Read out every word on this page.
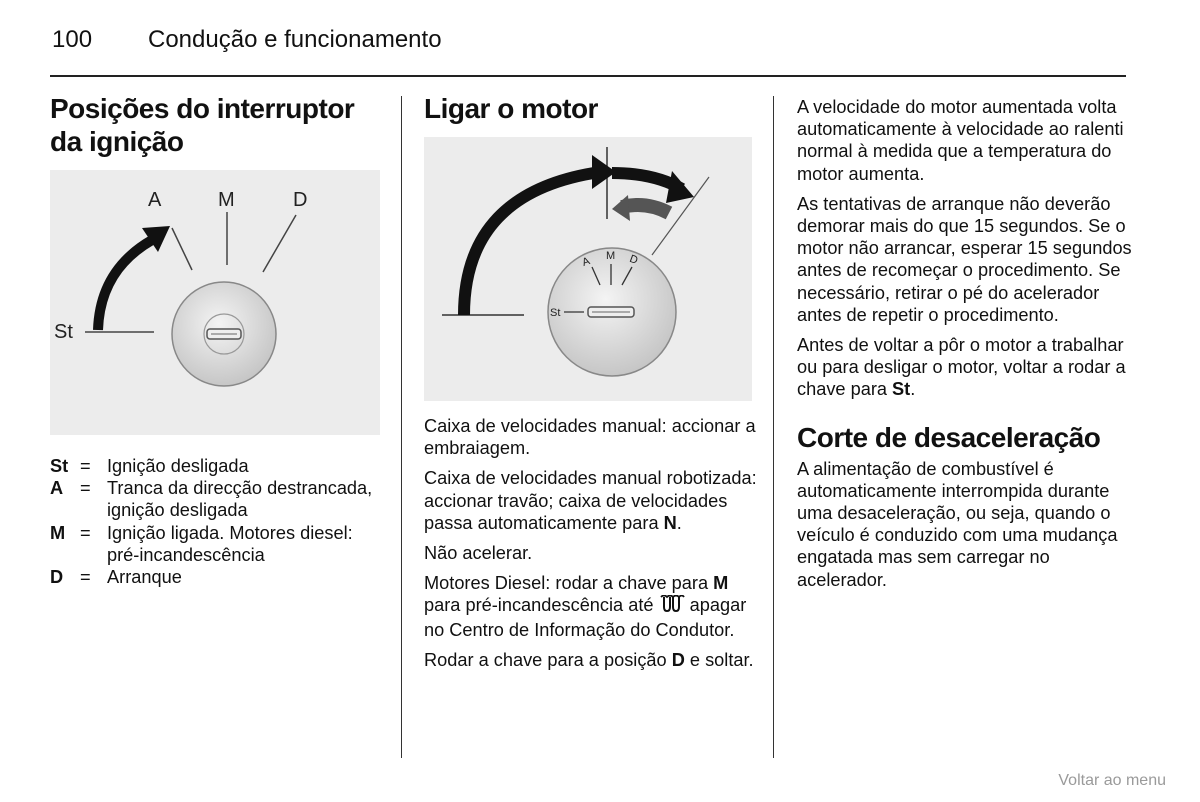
100 Condução e funcionamento
Posições do interruptor da ignição
A	M	D
St
St = Ignição desligada
A = Tranca da direcção destrancada, ignição desligada
M = Ignição ligada. Motores diesel: pré-incandescência
D = Arranque
Ligar o motor
A M D
St

Caixa de velocidades manual: accionar a embraiagem.

Caixa de velocidades manual robotizada: accionar travão; caixa de velocidades passa automaticamente para N.

Não acelerar.

Motores Diesel: rodar a chave para M para pré-incandescência até  apagar no Centro de Informação do Condutor.

Rodar a chave para a posição D e soltar.

A velocidade do motor aumentada volta automaticamente à velocidade ao ralenti normal à medida que a temperatura do motor aumenta.

As tentativas de arranque não deverão demorar mais do que 15 segundos. Se o motor não arrancar, esperar 15 segundos antes de recomeçar o procedimento. Se necessário, retirar o pé do acelerador antes de repetir o procedimento.

Antes de voltar a pôr o motor a trabalhar ou para desligar o motor, voltar a rodar a chave para St.

Corte de desaceleração

A alimentação de combustível é automaticamente interrompida durante uma desaceleração, ou seja, quando o veículo é conduzido com uma mudança engatada mas sem carregar no acelerador.

Voltar ao menu
